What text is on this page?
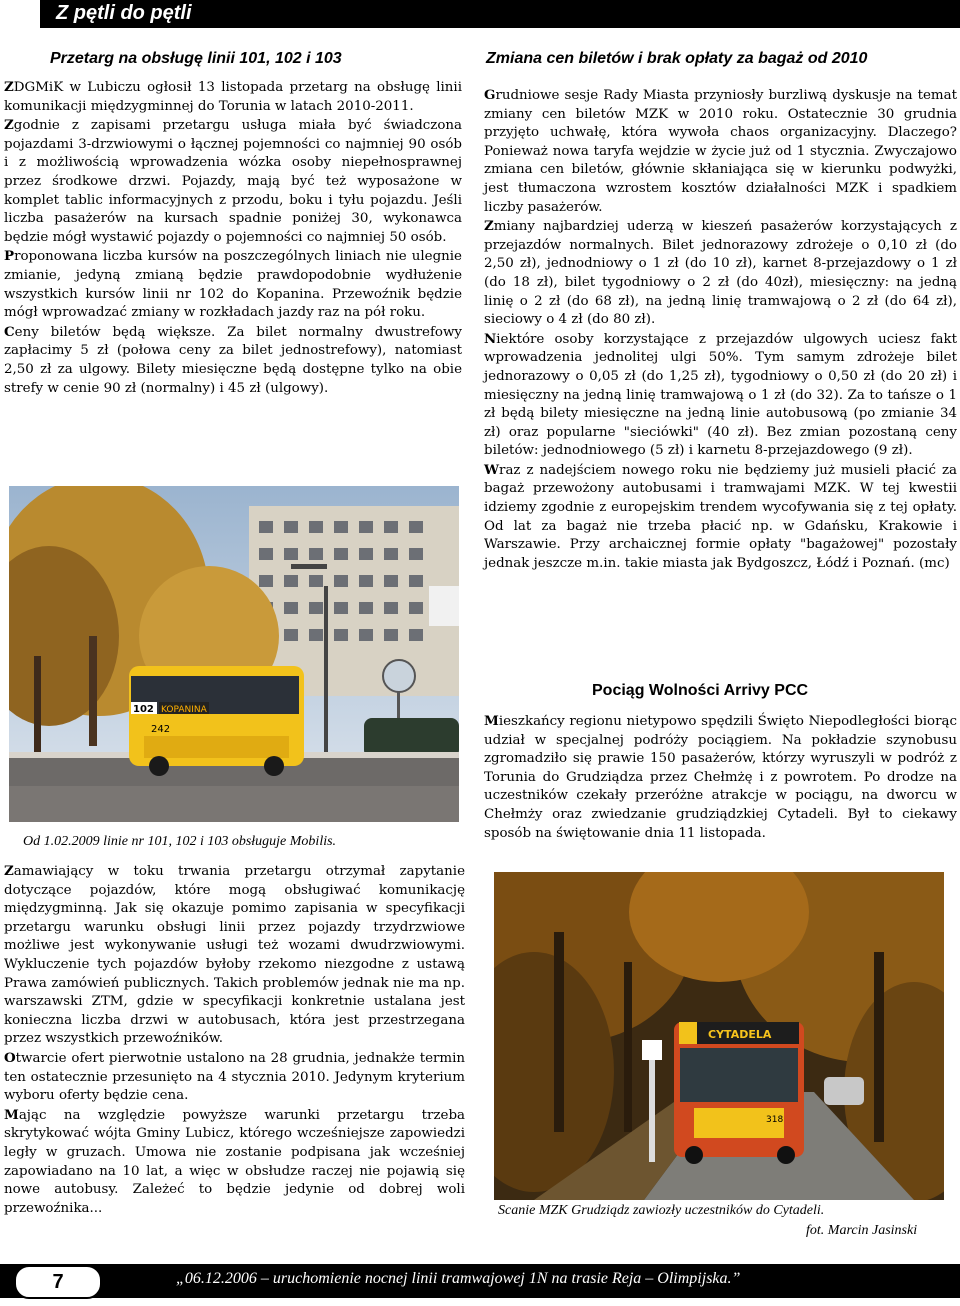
Z pętli do pętli
Przetarg na obsługę linii 101, 102 i 103	Zmiana cen biletów i brak opłaty za bagaż od 2010

ZDGMiK w Lubiczu ogłosił 13 listopada przetarg na obsługę linii komunikacji międzygminnej do Torunia w latach 2010-2011.

Zgodnie z zapisami przetargu usługa miała być świadczona pojazdami 3-drzwiowymi o łącznej pojemności co najmniej 90 osób i z możliwością wprowadzenia wózka osoby niepełnosprawnej przez środkowe drzwi. Pojazdy, mają być też wyposażone w komplet tablic informacyjnych z przodu, boku i tyłu pojazdu. Jeśli liczba pasażerów na kursach spadnie poniżej 30, wykonawca będzie mógł wystawić pojazdy o pojemności co najmniej 50 osób.

Proponowana liczba kursów na poszczególnych liniach nie ulegnie zmianie, jedyną zmianą będzie prawdopodobnie wydłużenie wszystkich kursów linii nr 102 do Kopanina. Przewoźnik będzie mógł wprowadzać zmiany w rozkładach jazdy raz na pół roku.

Ceny biletów będą większe. Za bilet normalny dwustrefowy zapłacimy 5 zł (połowa ceny za bilet jednostrefowy), natomiast 2,50 zł za ulgowy. Bilety miesięczne będą dostępne tylko na obie strefy w cenie 90 zł (normalny) i 45 zł (ulgowy).

KOPANINA
102
242
Od 1.02.2009 linie nr 101, 102 i 103 obsługuje Mobilis.

Zamawiający w toku trwania przetargu otrzymał zapytanie dotyczące pojazdów, które mogą obsługiwać komunikację międzygminną. Jak się okazuje pomimo zapisania w specyfikacji przetargu warunku obsługi linii przez pojazdy trzydrzwiowe możliwe jest wykonywanie usługi też wozami dwudrzwiowymi. Wykluczenie tych pojazdów byłoby rzekomo niezgodne z ustawą Prawa zamówień publicznych. Takich problemów jednak nie ma np. warszawski ZTM, gdzie w specyfikacji konkretnie ustalana jest konieczna liczba drzwi w autobusach, która jest przestrzegana przez wszystkich przewoźników.

Otwarcie ofert pierwotnie ustalono na 28 grudnia, jednakże termin ten ostatecznie przesunięto na 4 stycznia 2010. Jedynym kryterium wyboru oferty będzie cena.

Mając na względzie powyższe warunki przetargu trzeba skrytykować wójta Gminy Lubicz, którego wcześniejsze zapowiedzi legły w gruzach. Umowa nie zostanie podpisana jak wcześniej zapowiadano na 10 lat, a więc w obsłudze raczej nie pojawią się nowe autobusy. Zależeć to będzie jedynie od dobrej woli przewoźnika...

Grudniowe sesje Rady Miasta przyniosły burzliwą dyskusje na temat zmiany cen biletów MZK w 2010 roku. Ostatecznie 30 grudnia przyjęto uchwałę, która wywoła chaos organizacyjny. Dlaczego? Ponieważ nowa taryfa wejdzie w życie już od 1 stycznia. Zwyczajowo zmiana cen biletów, głównie skłaniająca się w kierunku podwyżki, jest tłumaczona wzrostem kosztów działalności MZK i spadkiem liczby pasażerów.

Zmiany najbardziej uderzą w kieszeń pasażerów korzystających z przejazdów normalnych. Bilet jednorazowy zdrożeje o 0,10 zł (do 2,50 zł), jednodniowy o 1 zł (do 10 zł), karnet 8-przejazdowy o 1 zł (do 18 zł), bilet tygodniowy o 2 zł (do 40zł), miesięczny: na jedną linię o 2 zł (do 68 zł), na jedną linię tramwajową o 2 zł (do 64 zł), sieciowy o 4 zł (do 80 zł).

Niektóre osoby korzystające z przejazdów ulgowych uciesz fakt wprowadzenia jednolitej ulgi 50%. Tym samym zdrożeje bilet jednorazowy o 0,05 zł (do 1,25 zł), tygodniowy o 0,50 zł (do 20 zł) i miesięczny na jedną linię tramwajową o 1 zł (do 32). Za to tańsze o 1 zł będą bilety miesięczne na jedną linie autobusową (po zmianie 34 zł) oraz popularne "sieciówki" (40 zł). Bez zmian pozostaną ceny biletów: jednodniowego (5 zł) i karnetu 8-przejazdowego (9 zł).

Wraz z nadejściem nowego roku nie będziemy już musieli płacić za bagaż przewożony autobusami i tramwajami MZK. W tej kwestii idziemy zgodnie z europejskim trendem wycofywania się z tej opłaty. Od lat za bagaż nie trzeba płacić np. w Gdańsku, Krakowie i Warszawie. Przy archaicznej formie opłaty "bagażowej" pozostały jednak jeszcze m.in. takie miasta jak Bydgoszcz, Łódź i Poznań. (mc)

Pociąg Wolności Arrivy PCC

Mieszkańcy regionu nietypowo spędzili Święto Niepodległości biorąc udział w specjalnej podróży pociągiem. Na pokładzie szynobusu zgromadziło się prawie 150 pasażerów, którzy wyruszyli w podróż z Torunia do Grudziądza przez Chełmżę i z powrotem. Po drodze na uczestników czekały przeróżne atrakcje w pociągu, na dworcu w Chełmży oraz zwiedzanie grudziądzkiej Cytadeli. Był to ciekawy sposób na świętowanie dnia 11 listopada.

CYTADELA
318
Scanie MZK Grudziądz zawiozły uczestników do Cytadeli.
fot. Marcin Jasinski
7	„06.12.2006 – uruchomienie nocnej linii tramwajowej 1N na trasie Reja – Olimpijska.”
